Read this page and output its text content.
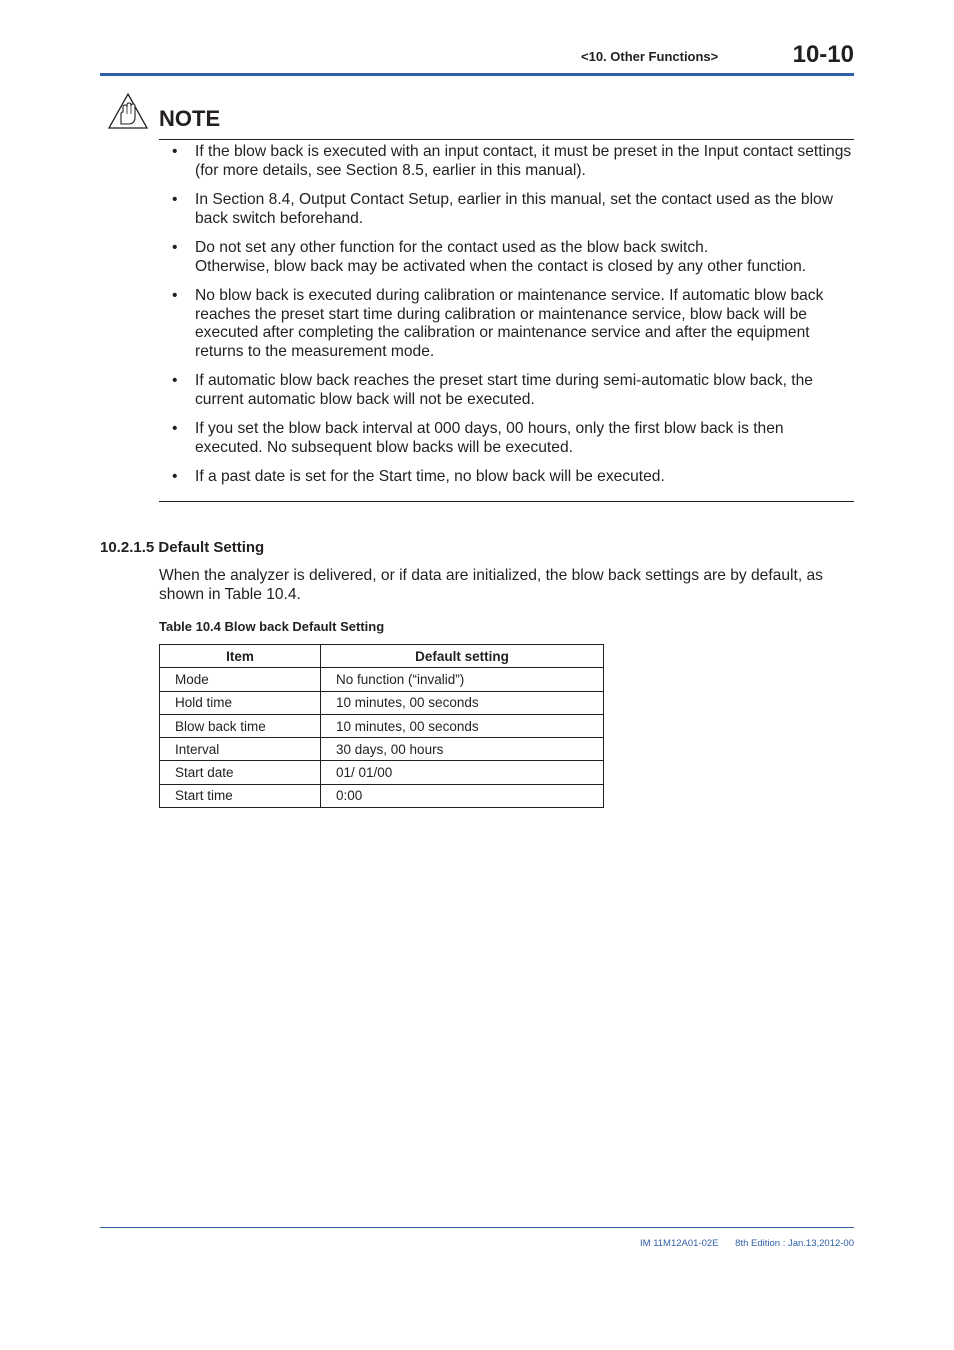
<10. Other Functions>	10-10
NOTE
• If the blow back is executed with an input contact, it must be preset in the Input contact settings (for more details, see Section 8.5, earlier in this manual).
• In Section 8.4, Output Contact Setup, earlier in this manual, set the contact used as the blow back switch beforehand.
• Do not set any other function for the contact used as the blow back switch.
Otherwise, blow back may be activated when the contact is closed by any other function.
• No blow back is executed during calibration or maintenance service. If automatic blow back reaches the preset start time during calibration or maintenance service, blow back will be executed after completing the calibration or maintenance service and after the equipment returns to the measurement mode.
• If automatic blow back reaches the preset start time during semi-automatic blow back, the current automatic blow back will not be executed.
• If you set the blow back interval at 000 days, 00 hours, only the first blow back is then executed. No subsequent blow backs will be executed.
• If a past date is set for the Start time, no blow back will be executed.
10.2.1.5 Default Setting
When the analyzer is delivered, or if data are initialized, the blow back settings are by default, as shown in Table 10.4.
Table 10.4 Blow back Default Setting
Item	Default setting
Mode	No function (“invalid”)
Hold time	10 minutes, 00 seconds
Blow back time	10 minutes, 00 seconds
Interval	30 days, 00 hours
Start date	01/ 01/00
Start time	0:00
IM 11M12A01-02E 8th Edition : Jan.13,2012-00
